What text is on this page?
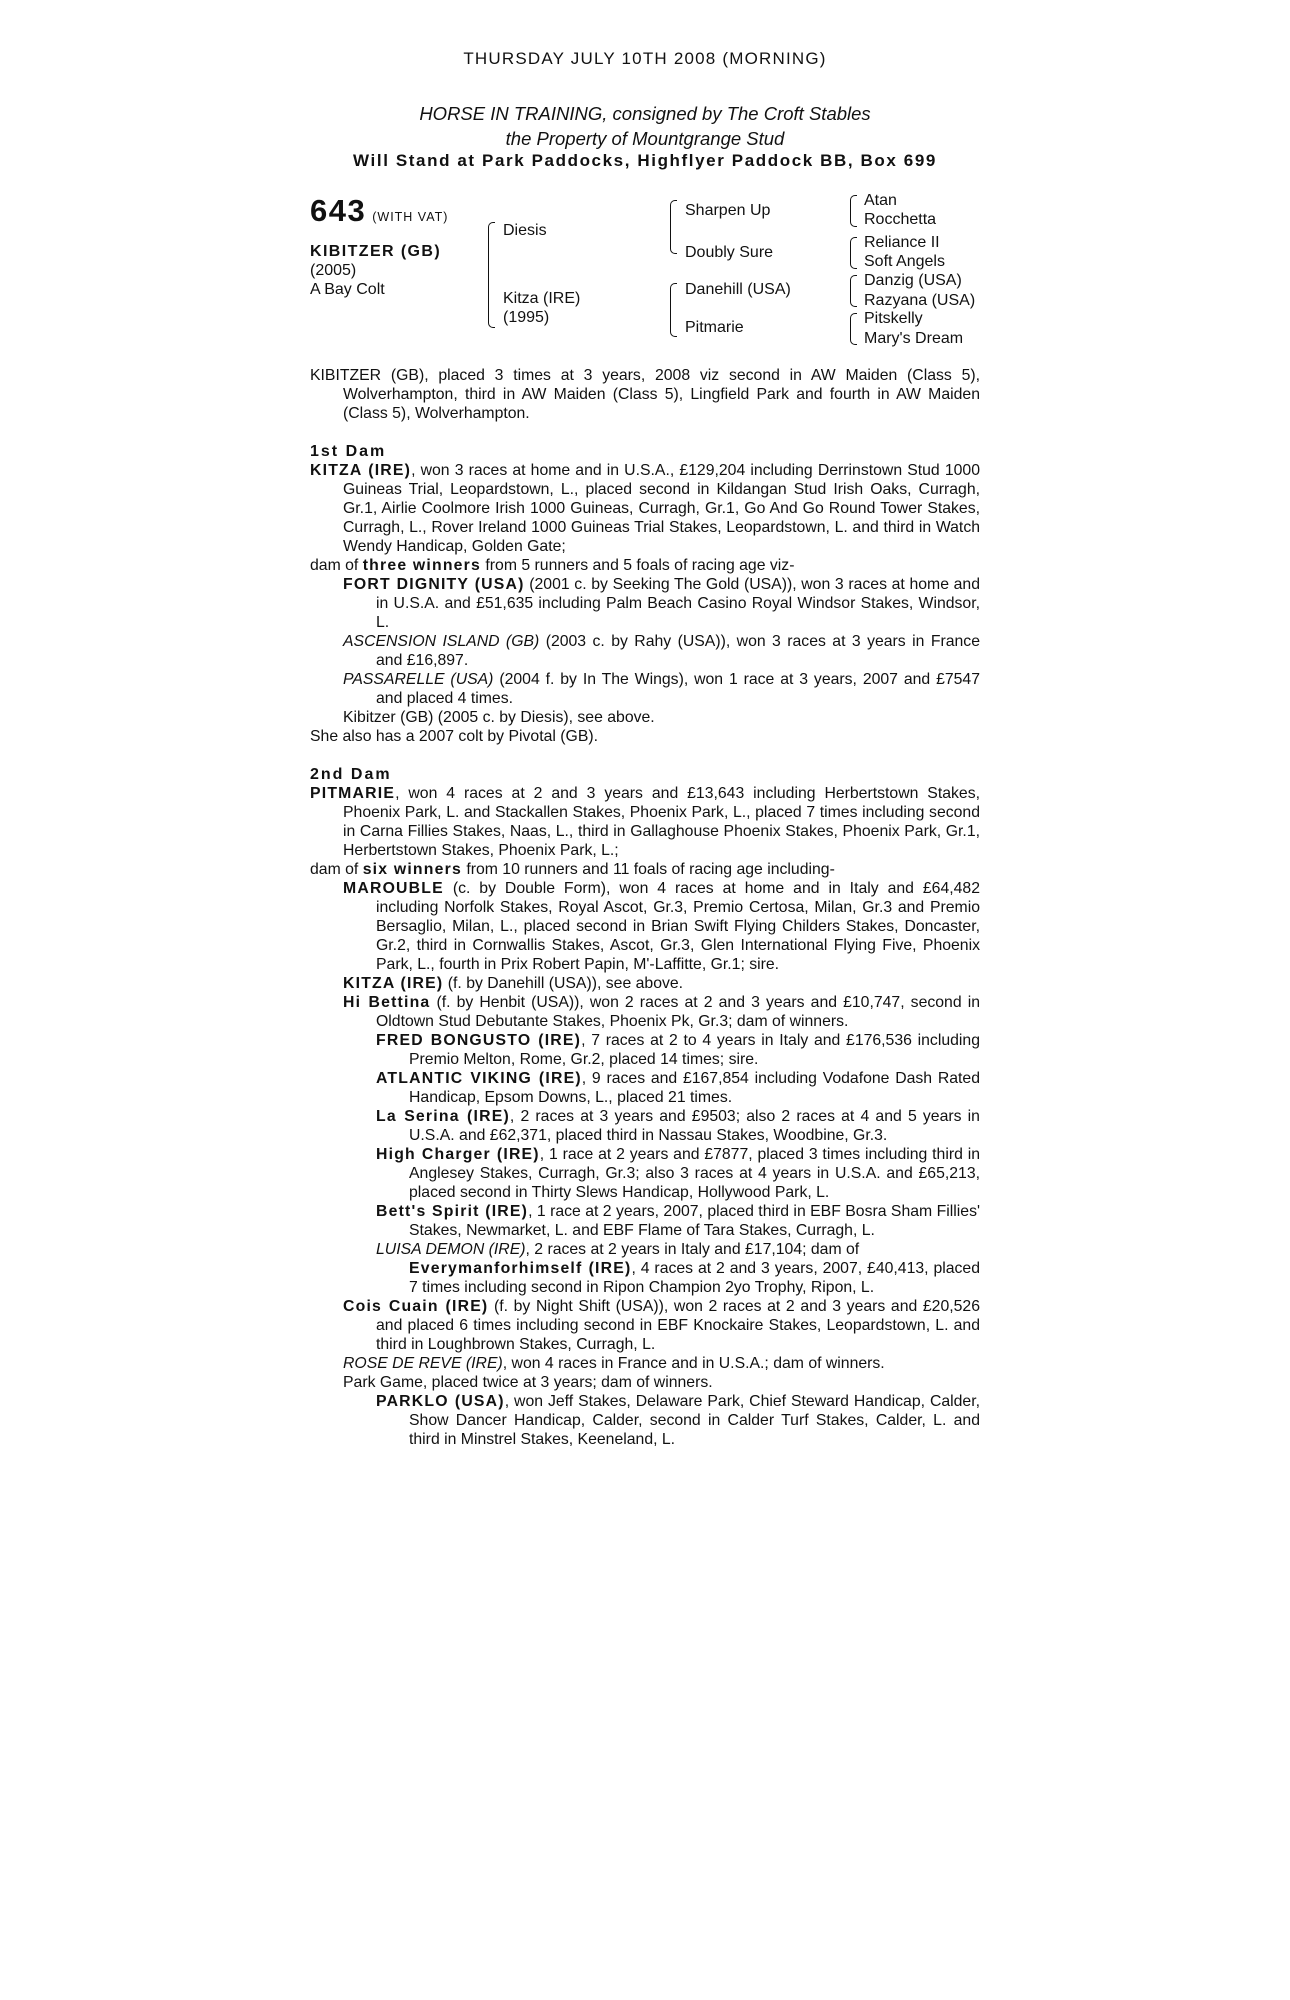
THURSDAY JULY 10TH 2008 (MORNING)
HORSE IN TRAINING, consigned by The Croft Stables
the Property of Mountgrange Stud
Will Stand at Park Paddocks, Highflyer Paddock BB, Box 699
643 (WITH VAT)
KIBITZER (GB)
(2005)
A Bay Colt
Diesis
Kitza (IRE)
(1995)
Sharpen Up
Doubly Sure
Danehill (USA)
Pitmarie
Atan
Rocchetta
Reliance II
Soft Angels
Danzig (USA)
Razyana (USA)
Pitskelly
Mary's Dream

KIBITZER (GB), placed 3 times at 3 years, 2008 viz second in AW Maiden (Class 5), Wolverhampton, third in AW Maiden (Class 5), Lingfield Park and fourth in AW Maiden (Class 5), Wolverhampton.

1st Dam

KITZA (IRE), won 3 races at home and in U.S.A., £129,204 including Derrinstown Stud 1000 Guineas Trial, Leopardstown, L., placed second in Kildangan Stud Irish Oaks, Curragh, Gr.1, Airlie Coolmore Irish 1000 Guineas, Curragh, Gr.1, Go And Go Round Tower Stakes, Curragh, L., Rover Ireland 1000 Guineas Trial Stakes, Leopardstown, L. and third in Watch Wendy Handicap, Golden Gate;

dam of three winners from 5 runners and 5 foals of racing age viz-

FORT DIGNITY (USA) (2001 c. by Seeking The Gold (USA)), won 3 races at home and in U.S.A. and £51,635 including Palm Beach Casino Royal Windsor Stakes, Windsor, L.

ASCENSION ISLAND (GB) (2003 c. by Rahy (USA)), won 3 races at 3 years in France and £16,897.

PASSARELLE (USA) (2004 f. by In The Wings), won 1 race at 3 years, 2007 and £7547 and placed 4 times.

Kibitzer (GB) (2005 c. by Diesis), see above.

She also has a 2007 colt by Pivotal (GB).

2nd Dam

PITMARIE, won 4 races at 2 and 3 years and £13,643 including Herbertstown Stakes, Phoenix Park, L. and Stackallen Stakes, Phoenix Park, L., placed 7 times including second in Carna Fillies Stakes, Naas, L., third in Gallaghouse Phoenix Stakes, Phoenix Park, Gr.1, Herbertstown Stakes, Phoenix Park, L.;

dam of six winners from 10 runners and 11 foals of racing age including-

MAROUBLE (c. by Double Form), won 4 races at home and in Italy and £64,482 including Norfolk Stakes, Royal Ascot, Gr.3, Premio Certosa, Milan, Gr.3 and Premio Bersaglio, Milan, L., placed second in Brian Swift Flying Childers Stakes, Doncaster, Gr.2, third in Cornwallis Stakes, Ascot, Gr.3, Glen International Flying Five, Phoenix Park, L., fourth in Prix Robert Papin, M'-Laffitte, Gr.1; sire.

KITZA (IRE) (f. by Danehill (USA)), see above.

Hi Bettina (f. by Henbit (USA)), won 2 races at 2 and 3 years and £10,747, second in Oldtown Stud Debutante Stakes, Phoenix Pk, Gr.3; dam of winners.

FRED BONGUSTO (IRE), 7 races at 2 to 4 years in Italy and £176,536 including Premio Melton, Rome, Gr.2, placed 14 times; sire.

ATLANTIC VIKING (IRE), 9 races and £167,854 including Vodafone Dash Rated Handicap, Epsom Downs, L., placed 21 times.

La Serina (IRE), 2 races at 3 years and £9503; also 2 races at 4 and 5 years in U.S.A. and £62,371, placed third in Nassau Stakes, Woodbine, Gr.3.

High Charger (IRE), 1 race at 2 years and £7877, placed 3 times including third in Anglesey Stakes, Curragh, Gr.3; also 3 races at 4 years in U.S.A. and £65,213, placed second in Thirty Slews Handicap, Hollywood Park, L.

Bett's Spirit (IRE), 1 race at 2 years, 2007, placed third in EBF Bosra Sham Fillies' Stakes, Newmarket, L. and EBF Flame of Tara Stakes, Curragh, L.

LUISA DEMON (IRE), 2 races at 2 years in Italy and £17,104; dam of

Everymanforhimself (IRE), 4 races at 2 and 3 years, 2007, £40,413, placed 7 times including second in Ripon Champion 2yo Trophy, Ripon, L.

Cois Cuain (IRE) (f. by Night Shift (USA)), won 2 races at 2 and 3 years and £20,526 and placed 6 times including second in EBF Knockaire Stakes, Leopardstown, L. and third in Loughbrown Stakes, Curragh, L.

ROSE DE REVE (IRE), won 4 races in France and in U.S.A.; dam of winners.

Park Game, placed twice at 3 years; dam of winners.

PARKLO (USA), won Jeff Stakes, Delaware Park, Chief Steward Handicap, Calder, Show Dancer Handicap, Calder, second in Calder Turf Stakes, Calder, L. and third in Minstrel Stakes, Keeneland, L.
